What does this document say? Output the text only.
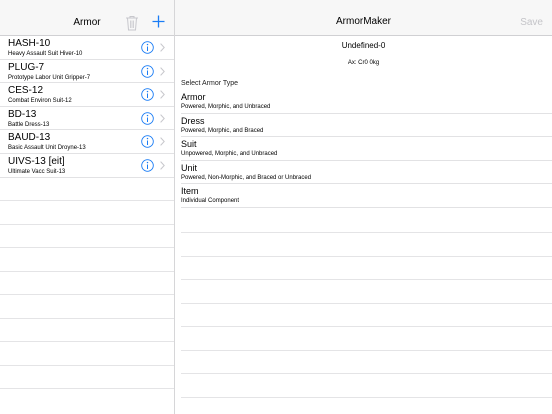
Armor
HASH-10
Heavy Assault Suit Hiver-10
PLUG-7
Prototype Labor Unit Gripper-7
CES-12
Combat Environ Suit-12
BD-13
Battle Dress-13
BAUD-13
Basic Assault Unit Droyne-13
UIVS-13 [eit]
Ultimate Vacc Suit-13
ArmorMaker	Save
Undefined-0
Ax: Cr0 0kg
Select Armor Type
Armor
Powered, Morphic, and Unbraced
Dress
Powered, Morphic, and Braced
Suit
Unpowered, Morphic, and Unbraced
Unit
Powered, Non-Morphic, and Braced or Unbraced
Item
Individual Component
